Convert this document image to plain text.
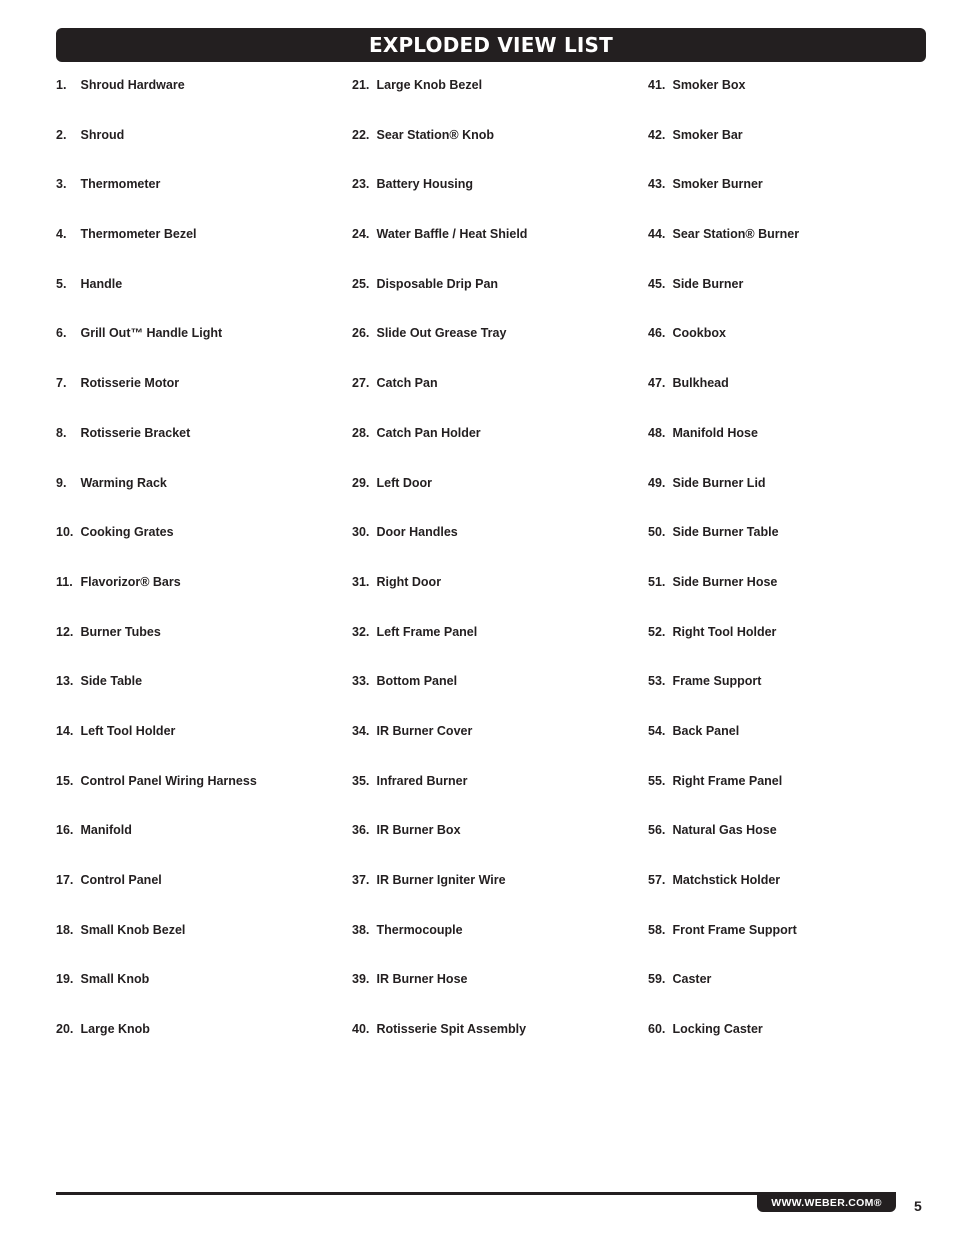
EXPLODED VIEW LIST
1. Shroud Hardware
2. Shroud
3. Thermometer
4. Thermometer Bezel
5. Handle
6. Grill Out™ Handle Light
7. Rotisserie Motor
8. Rotisserie Bracket
9. Warming Rack
10. Cooking Grates
11. Flavorizor® Bars
12. Burner Tubes
13. Side Table
14. Left Tool Holder
15. Control Panel Wiring Harness
16. Manifold
17. Control Panel
18. Small Knob Bezel
19. Small Knob
20. Large Knob
21. Large Knob Bezel
22. Sear Station® Knob
23. Battery Housing
24. Water Baffle / Heat Shield
25. Disposable Drip Pan
26. Slide Out Grease Tray
27. Catch Pan
28. Catch Pan Holder
29. Left Door
30. Door Handles
31. Right Door
32. Left Frame Panel
33. Bottom Panel
34. IR Burner Cover
35. Infrared Burner
36. IR Burner Box
37. IR Burner Igniter Wire
38. Thermocouple
39. IR Burner Hose
40. Rotisserie Spit Assembly
41. Smoker Box
42. Smoker Bar
43. Smoker Burner
44. Sear Station® Burner
45. Side Burner
46. Cookbox
47. Bulkhead
48. Manifold Hose
49. Side Burner Lid
50. Side Burner Table
51. Side Burner Hose
52. Right Tool Holder
53. Frame Support
54. Back Panel
55. Right Frame Panel
56. Natural Gas Hose
57. Matchstick Holder
58. Front Frame Support
59. Caster
60. Locking Caster
WWW.WEBER.COM® 5
